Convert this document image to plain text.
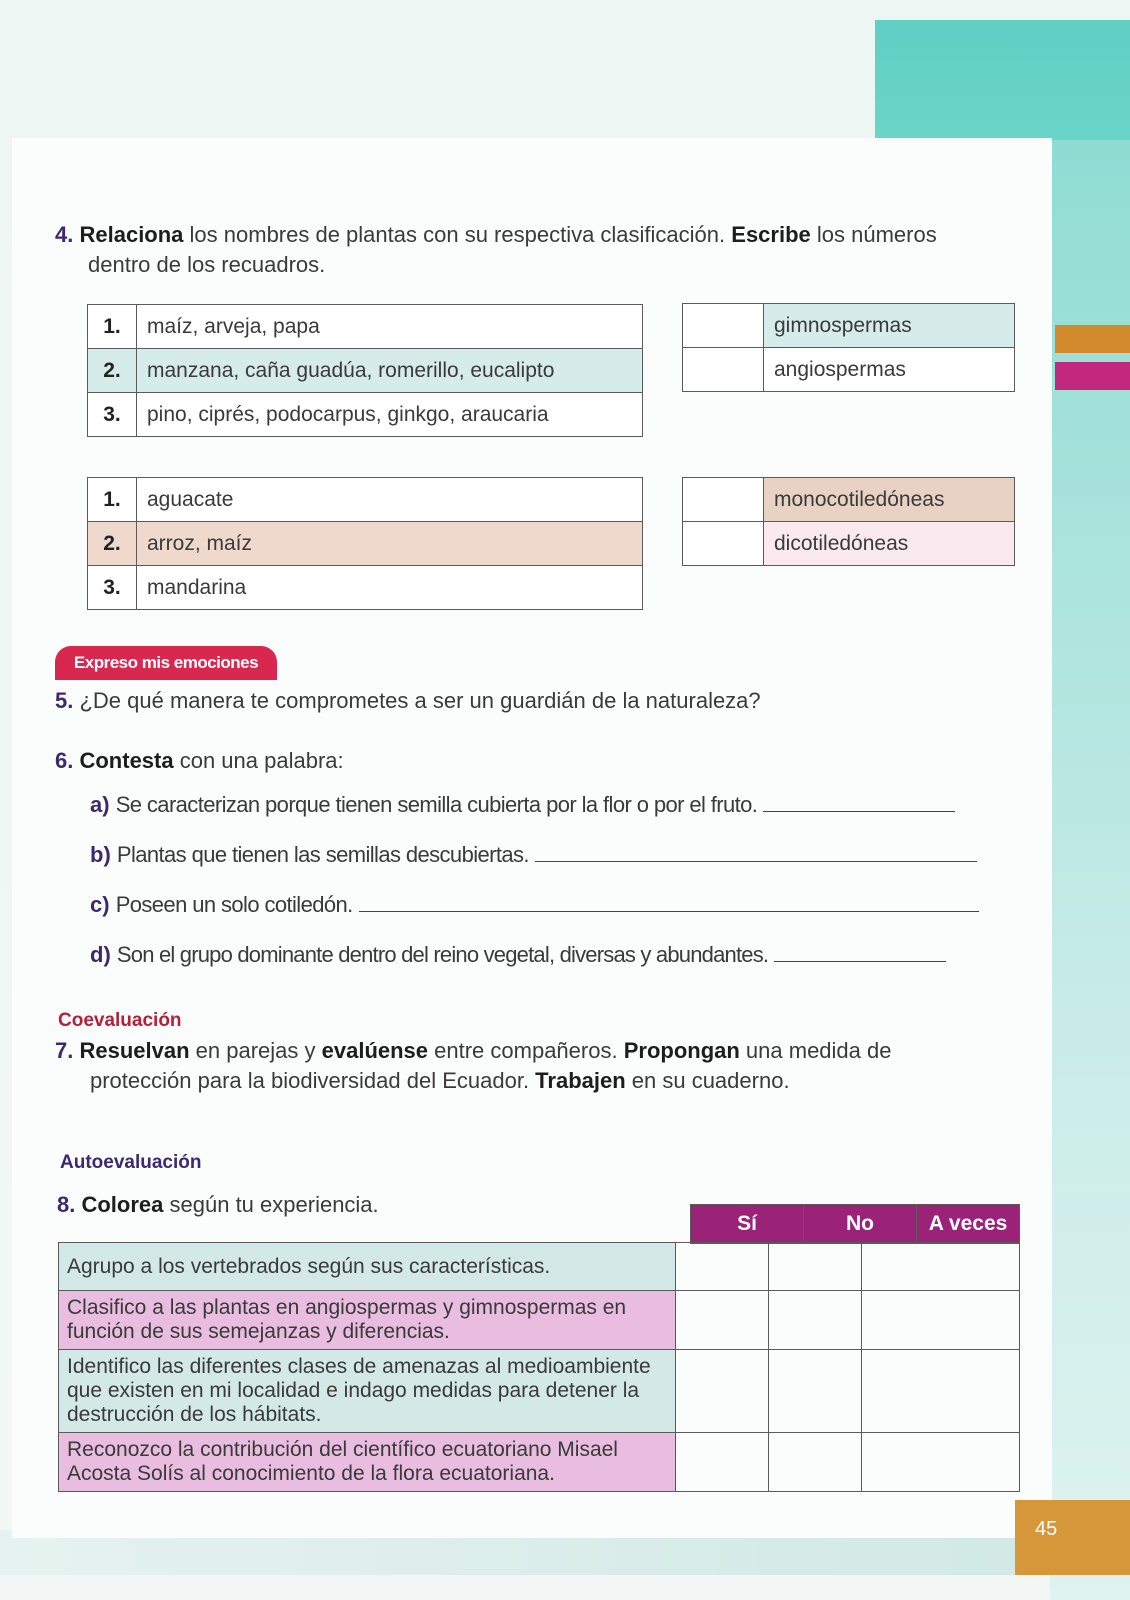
45
4. Relaciona los nombres de plantas con su respectiva clasificación. Escribe los números
dentro de los recuadros.
1.	maíz, arveja, papa
2.	manzana, caña guadúa, romerillo, eucalipto
3.	pino, ciprés, podocarpus, ginkgo, araucaria
	gimnospermas
	angiospermas
1.	aguacate
2.	arroz, maíz
3.	mandarina
	monocotiledóneas
	dicotiledóneas
Expreso mis emociones
5. ¿De qué manera te comprometes a ser un guardián de la naturaleza?
6. Contesta con una palabra:
a) Se caracterizan porque tienen semilla cubierta por la flor o por el fruto.
b) Plantas que tienen las semillas descubiertas.
c) Poseen un solo cotiledón.
d) Son el grupo dominante dentro del reino vegetal, diversas y abundantes.
Coevaluación
7. Resuelvan en parejas y evalúense entre compañeros. Propongan una medida de
protección para la biodiversidad del Ecuador. Trabajen en su cuaderno.
Autoevaluación
8. Colorea según tu experiencia.
Sí	No	A veces
Agrupo a los vertebrados según sus características.			
Clasifico a las plantas en angiospermas y gimnospermas en función de sus semejanzas y diferencias.			
Identifico las diferentes clases de amenazas al medioambiente que existen en mi localidad e indago medidas para detener la destrucción de los hábitats.			
Reconozco la contribución del científico ecuatoriano Misael Acosta Solís al conocimiento de la flora ecuatoriana.			
